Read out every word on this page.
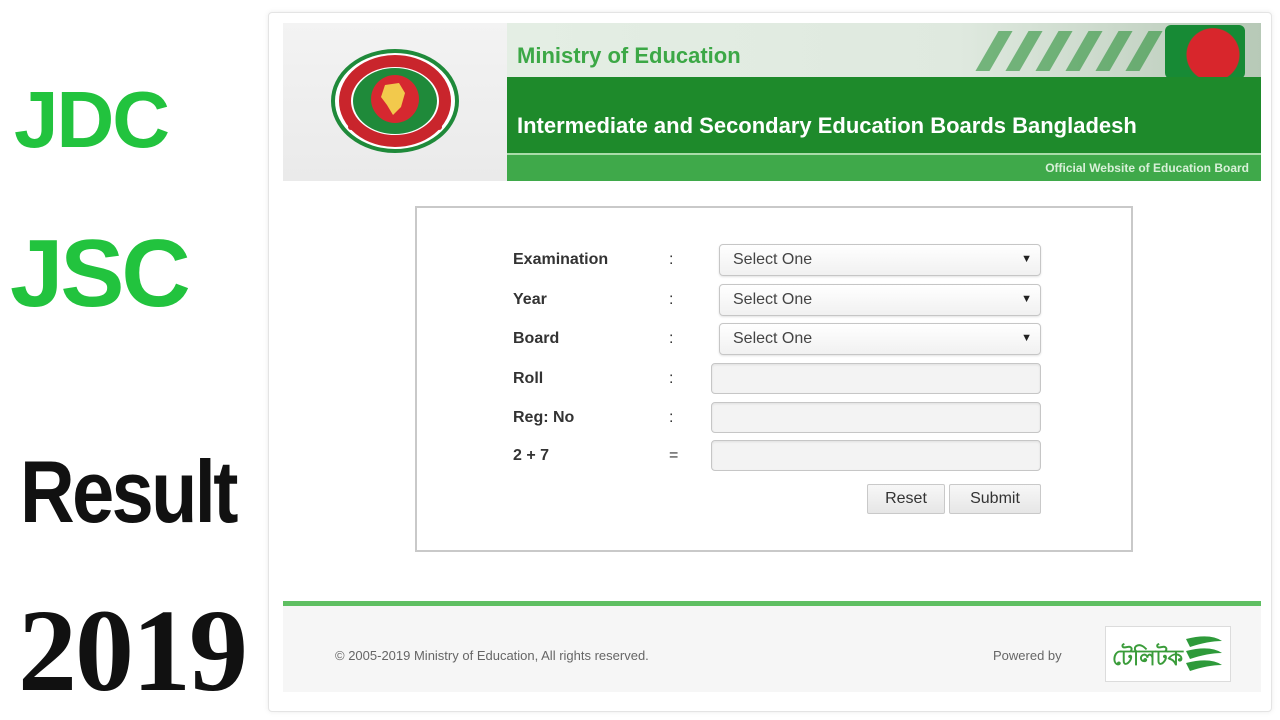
JDC
JSC
Result
2019
Ministry of Education
Intermediate and Secondary Education Boards Bangladesh
Official Website of Education Board
Examination	:	Select One	▼
Year	:	Select One	▼
Board	:	Select One	▼
Roll	:
Reg: No	:
2 + 7	=
Reset	Submit
© 2005-2019 Ministry of Education, All rights reserved.	Powered by টেলিটক
